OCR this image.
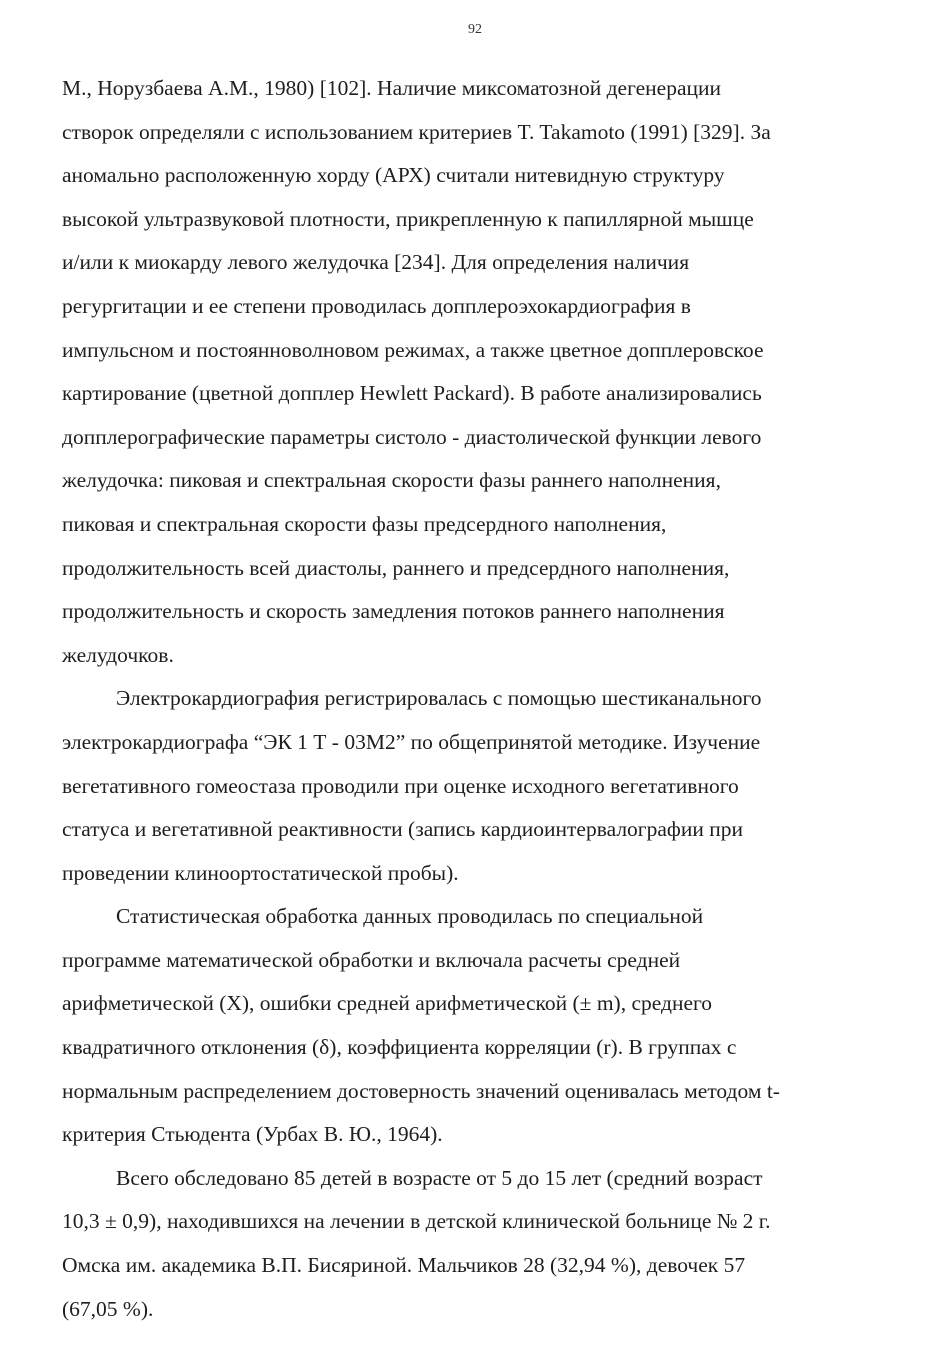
92
М., Норузбаева А.М., 1980) [102]. Наличие миксоматозной дегенерации
створок определяли с использованием критериев T. Takamoto (1991) [329]. За
аномально расположенную хорду (АРХ) считали нитевидную структуру
высокой ультразвуковой плотности, прикрепленную к папиллярной мышце
и/или к миокарду левого желудочка [234]. Для определения наличия
регургитации и ее степени проводилась допплероэхокардиография в
импульсном и постоянноволновом режимах, а также цветное допплеровское
картирование (цветной допплер Hewlett Packard). В работе анализировались
допплерографические параметры систоло - диастолической функции левого
желудочка: пиковая и спектральная скорости фазы раннего наполнения,
пиковая и спектральная скорости фазы предсердного наполнения,
продолжительность всей диастолы, раннего и предсердного наполнения,
продолжительность и скорость замедления потоков раннего наполнения
желудочков.
Электрокардиография регистрировалась с помощью шестиканального
электрокардиографа “ЭК 1 Т - 03М2” по общепринятой методике. Изучение
вегетативного гомеостаза проводили при оценке исходного вегетативного
статуса и вегетативной реактивности (запись кардиоинтервалографии при
проведении клиноортостатической пробы).
Статистическая обработка данных проводилась по специальной
программе математической обработки и включала расчеты средней
арифметической (X), ошибки средней арифметической (± m), среднего
квадратичного отклонения (δ), коэффициента корреляции (r). В группах с
нормальным распределением достоверность значений оценивалась методом t-
критерия Стьюдента (Урбах В. Ю., 1964).
Всего обследовано 85 детей в возрасте от 5 до 15 лет (средний возраст
10,3 ± 0,9), находившихся на лечении в детской клинической больнице № 2 г.
Омска им. академика В.П. Бисяриной. Мальчиков 28 (32,94 %), девочек 57
(67,05 %).
